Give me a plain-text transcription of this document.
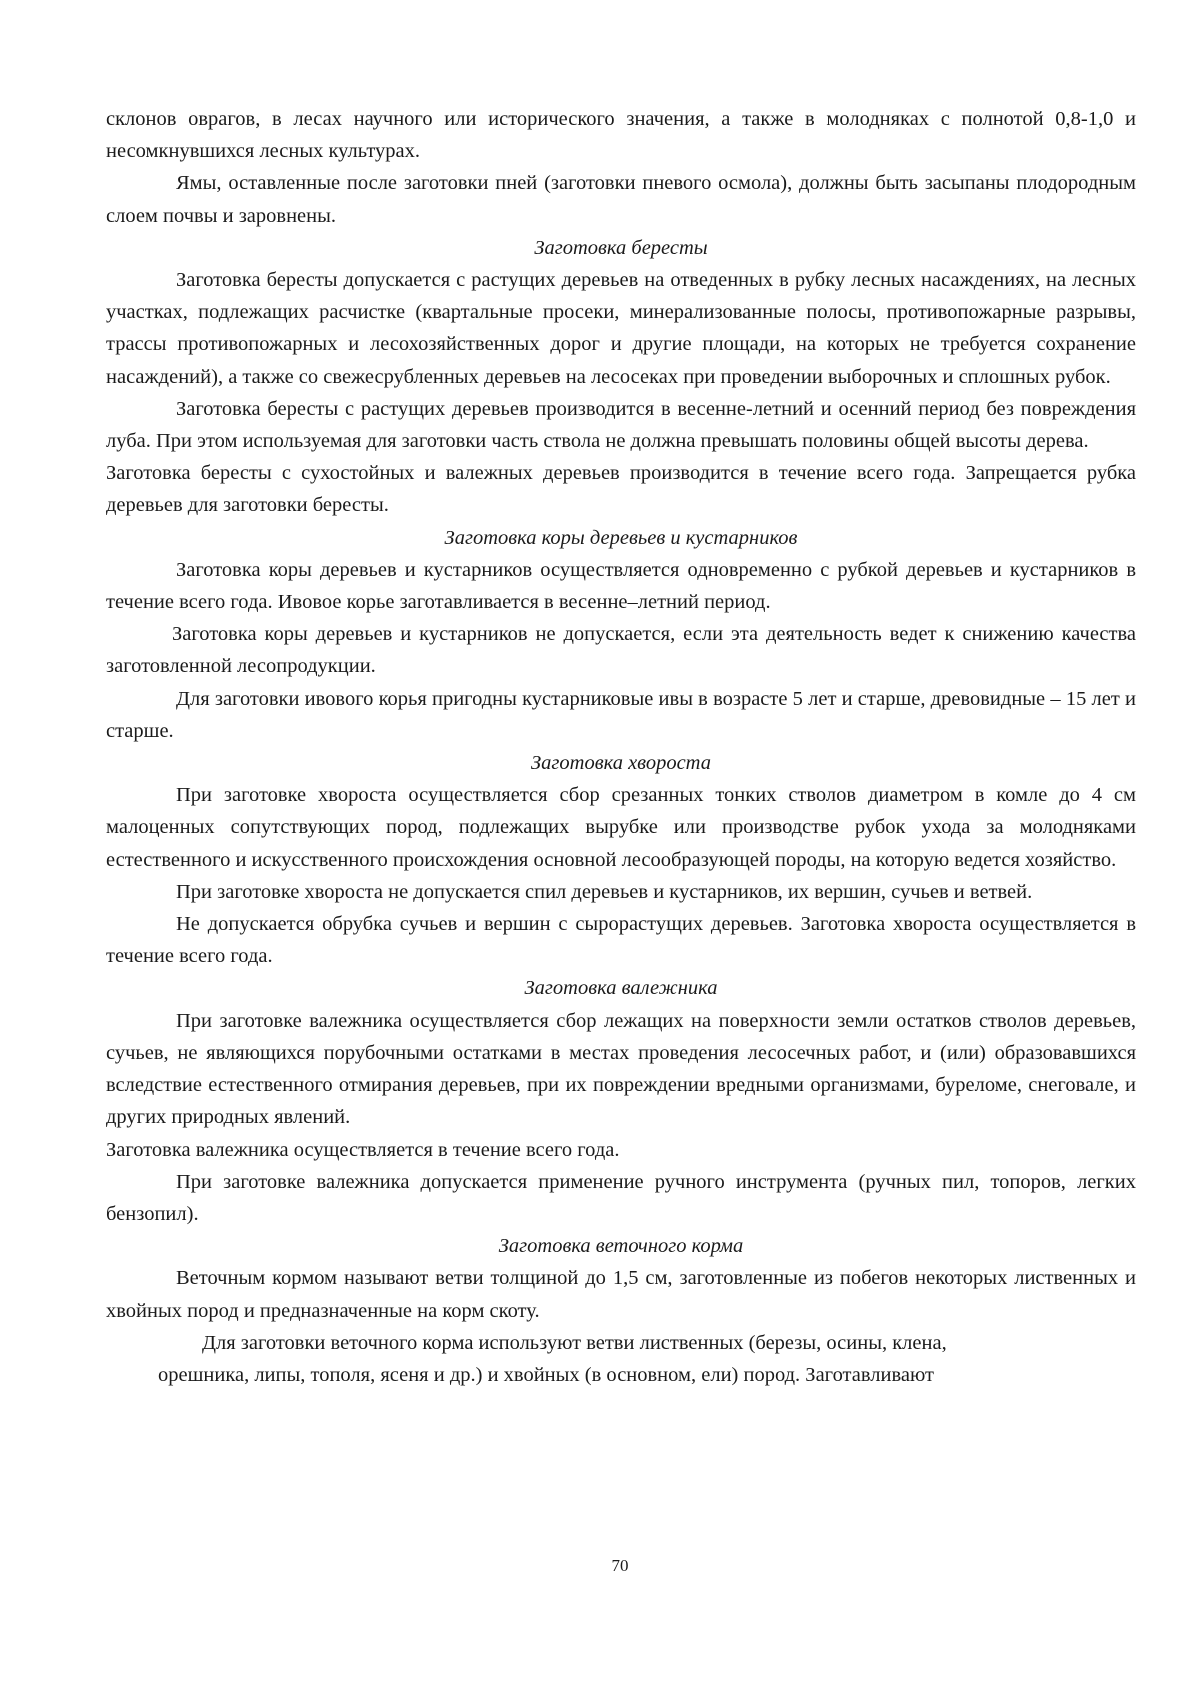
склонов оврагов, в лесах научного или исторического значения, а также в молодняках с полнотой 0,8-1,0 и несомкнувшихся лесных культурах.

Ямы, оставленные после заготовки пней (заготовки пневого осмола), должны быть засыпаны плодородным слоем почвы и заровнены.

Заготовка бересты

Заготовка бересты допускается с растущих деревьев на отведенных в рубку лесных насаждениях, на лесных участках, подлежащих расчистке (квартальные просеки, минерализованные полосы, противопожарные разрывы, трассы противопожарных и лесохозяйственных дорог и другие площади, на которых не требуется сохранение насаждений), а также со свежесрубленных деревьев на лесосеках при проведении выборочных и сплошных рубок.

Заготовка бересты с растущих деревьев производится в весенне-летний и осенний период без повреждения луба. При этом используемая для заготовки часть ствола не должна превышать половины общей высоты дерева.

Заготовка бересты с сухостойных и валежных деревьев производится в течение всего года. Запрещается рубка деревьев для заготовки бересты.

Заготовка коры деревьев и кустарников

Заготовка коры деревьев и кустарников осуществляется одновременно с рубкой деревьев и кустарников в течение всего года. Ивовое корье заготавливается в весенне–летний период.

Заготовка коры деревьев и кустарников не допускается, если эта деятельность ведет к снижению качества заготовленной лесопродукции.

Для заготовки ивового корья пригодны кустарниковые ивы в возрасте 5 лет и старше, древовидные – 15 лет и старше.

Заготовка хвороста

При заготовке хвороста осуществляется сбор срезанных тонких стволов диаметром в комле до 4 см малоценных сопутствующих пород, подлежащих вырубке или производстве рубок ухода за молодняками естественного и искусственного происхождения основной лесообразующей породы, на которую ведется хозяйство.

При заготовке хвороста не допускается спил деревьев и кустарников, их вершин, сучьев и ветвей.

Не допускается обрубка сучьев и вершин с сырорастущих деревьев. Заготовка хвороста осуществляется в течение всего года.

Заготовка валежника

При заготовке валежника осуществляется сбор лежащих на поверхности земли остатков стволов деревьев, сучьев, не являющихся порубочными остатками в местах проведения лесосечных работ, и (или) образовавшихся вследствие естественного отмирания деревьев, при их повреждении вредными организмами, буреломе, снеговале, и других природных явлений.

Заготовка валежника осуществляется в течение всего года.

При заготовке валежника допускается применение ручного инструмента (ручных пил, топоров, легких бензопил).

Заготовка веточного корма

Веточным кормом называют ветви толщиной до 1,5 см, заготовленные из побегов некоторых лиственных и хвойных пород и предназначенные на корм скоту.

Для заготовки веточного корма используют ветви лиственных (березы, осины, клена,
орешника, липы, тополя, ясеня и др.) и хвойных (в основном, ели) пород. Заготавливают

70
